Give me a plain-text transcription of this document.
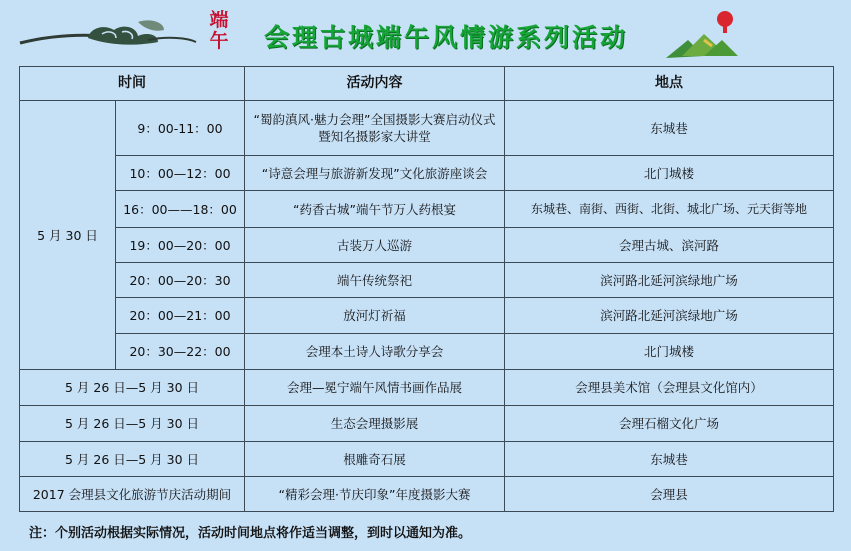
端
午	会理古城端午风情游系列活动
时间		活动内容	地点
5 月 30 日	9：00-11：00	“蜀韵滇风·魅力会理”全国摄影大赛启动仪式暨知名摄影家大讲堂	东城巷
	10：00—12：00	“诗意会理与旅游新发现”文化旅游座谈会	北门城楼
	16：00——18：00	“药香古城”端午节万人药根宴	东城巷、南街、西街、北街、城北广场、元天街等地
	19：00—20：00	古装万人巡游	会理古城、滨河路
	20：00—20：30	端午传统祭祀	滨河路北延河滨绿地广场
	20：00—21：00	放河灯祈福	滨河路北延河滨绿地广场
	20：30—22：00	会理本土诗人诗歌分享会	北门城楼
5 月 26 日—5 月 30 日		会理—冕宁端午风情书画作品展	会理县美术馆（会理县文化馆内）
5 月 26 日—5 月 30 日		生态会理摄影展	会理石榴文化广场
5 月 26 日—5 月 30 日		根雕奇石展	东城巷
2017 会理县文化旅游节庆活动期间		“精彩会理·节庆印象”年度摄影大赛	会理县
注：个别活动根据实际情况，活动时间地点将作适当调整，到时以通知为准。
